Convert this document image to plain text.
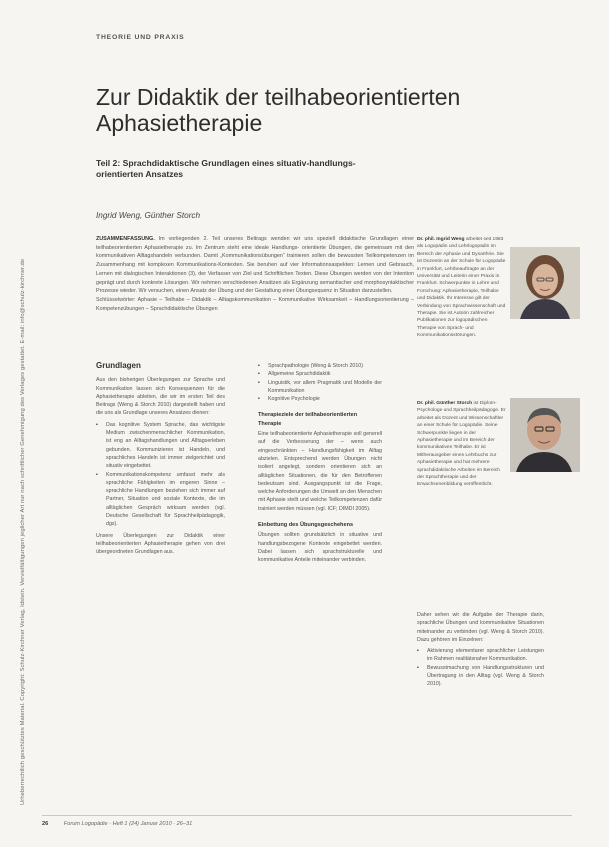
Urheberrechtlich geschütztes Material. Copyright: Schulz-Kirchner Verlag, Idstein. Vervielfältigungen jeglicher Art nur nach schriftlicher Genehmigung des Verlages gestattet. E-mail: info@schulz-kirchner.de
THEORIE UND PRAXIS
Zur Didaktik der teilhabeorientierten Aphasietherapie

Teil 2: Sprachdidaktische Grundlagen eines situativ-handlungs-orientierten Ansatzes

Ingrid Weng, Günther Storch

ZUSAMMENFASSUNG. Im vorliegenden 2. Teil unseres Beitrags wenden wir uns speziell didaktische Grundlagen einer teilhabeorientierten Aphasietherapie zu. Im Zentrum steht eine ideale Handlungs- orientierte Übungen, die gemeinsam mit den kommunikativen Alltagshandeln verbunden. Damit „Kommunikationsübungen“ trainieren sollen die bewussten Teilkompetenzen im Zusammenhang mit komplexen Kommunikations-Kontexten. Sie beruhen auf vier Informationsaspekten: Lernen und Gebrauch, Lernen mit dialogischen Interaktionen (3), der Verfasser von Ziel und Schriftlichen Texten. Diese Übungen werden von der Intention geprägt und durch konkrete Lösungen. Wir nehmen verschiedenen Ansätzen als Ergänzung semantischer und morphosyntaktischer Prozesse wieder. Wir versuchen, einen Ansatz der Übung und der Gestaltung einer Übungsequenz in Situation darzustellen.
Schlüsselwörter: Aphasie – Teilhabe – Didaktik – Alltagskommunikation – Kommunikative Wirksamkeit – Handlungsorientierung – Kompetenzübungen – Sprachdidaktische Übungen

Dr. phil. Ingrid Weng arbeitet seit 1983 als Logopädin und Lehrlogopädin im Bereich der Aphasie und Dysarthrie. Sie ist Dozentin an der Schule für Logopädie in Frankfurt, Lehrbeauftragte an der Universität und Leiterin einer Praxis in Frankfurt. Schwerpunkte in Lehre und Forschung: Aphasietherapie, Teilhabe und Didaktik. Ihr Interesse gilt der Verbindung von Sprachwissenschaft und Therapie. Sie ist Autorin zahlreicher Publikationen zur logopädischen Therapie von Sprach- und Kommunikationsstörungen.

Dr. phil. Günther Storch ist Diplom-Psychologe und Sprachheilpädagoge. Er arbeitet als Dozent und Wissenschaftler an einer Schule für Logopädie. Seine Schwerpunkte liegen in der Aphasietherapie und im Bereich der kommunikativen Teilhabe. Er ist Mitherausgeber eines Lehrbuchs zur Aphasietherapie und hat mehrere sprachdidaktische Arbeiten im Bereich der Sprachtherapie und der Erwachsenenbildung veröffentlicht.

Grundlagen

Aus den bisherigen Überlegungen zur Sprache und Kommunikation lassen sich Konsequenzen für die Aphasietherapie ableiten, die wir im ersten Teil des Beitrags (Weng & Storch 2010) dargestellt haben und die uns als Grundlage unseres Ansatzes dienen:

▪ Das kognitive System Sprache, das wichtigste Medium zwischenmenschlicher Kommunikation, ist eng an Alltagshandlungen und Alltagserleben gebunden. Kommunizieren ist Handeln, und sprachliches Handeln ist immer zielgerichtet und situativ eingebettet.
▪ Kommunikationskompetenz umfasst mehr als sprachliche Fähigkeiten im engeren Sinne – sprachliche Handlungen beziehen sich immer auf Partner, Situation und soziale Kontexte, die im alltäglichen Gespräch wirksam werden (vgl. Deutsche Gesellschaft für Sprachheilpädagogik, dgs).

Unsere Überlegungen zur Didaktik einer teilhabeorientierten Aphasietherapie gehen von drei übergeordneten Grundlagen aus.

▪ Sprachpathologie (Weng & Storch 2010)
▪ Allgemeine Sprachdidaktik
▪ Linguistik, vor allem Pragmatik und Modelle der Kommunikation
▪ Kognitive Psychologie
Therapieziele der teilhabeorientierten Therapie

Eine teilhabeorientierte Aphasietherapie soll generell auf die Verbesserung der – wenn auch eingeschränkten – Handlungsfähigkeit im Alltag abzielen. Entsprechend werden Übungen nicht isoliert angelegt, sondern orientieren sich an alltäglichen Situationen, die für den Betroffenen bedeutsam sind. Ausgangspunkt ist die Frage, welche Anforderungen die Umwelt an den Menschen mit Aphasie stellt und welche Teilkompetenzen dafür trainiert werden müssen (vgl. ICF; DIMDI 2005).

Einbettung des Übungsgeschehens

Übungen sollten grundsätzlich in situative und handlungsbezogene Kontexte eingebettet werden. Dabei lassen sich sprachstrukturelle und kommunikative Anteile miteinander verbinden.

Daher sehen wir die Aufgabe der Therapie darin, sprachliche Übungen und kommunikative Situationen miteinander zu verbinden (vgl. Weng & Storch 2010). Dazu gehören im Einzelnen:

▪ Aktivierung elementarer sprachlicher Leistungen im Rahmen realitätsnaher Kommunikation.
▪ Bewusstmachung von Handlungsstrukturen und Übertragung in den Alltag (vgl. Weng & Storch 2010).
26	Forum Logopädie · Heft 1 (24) Januar 2010 · 26–31
